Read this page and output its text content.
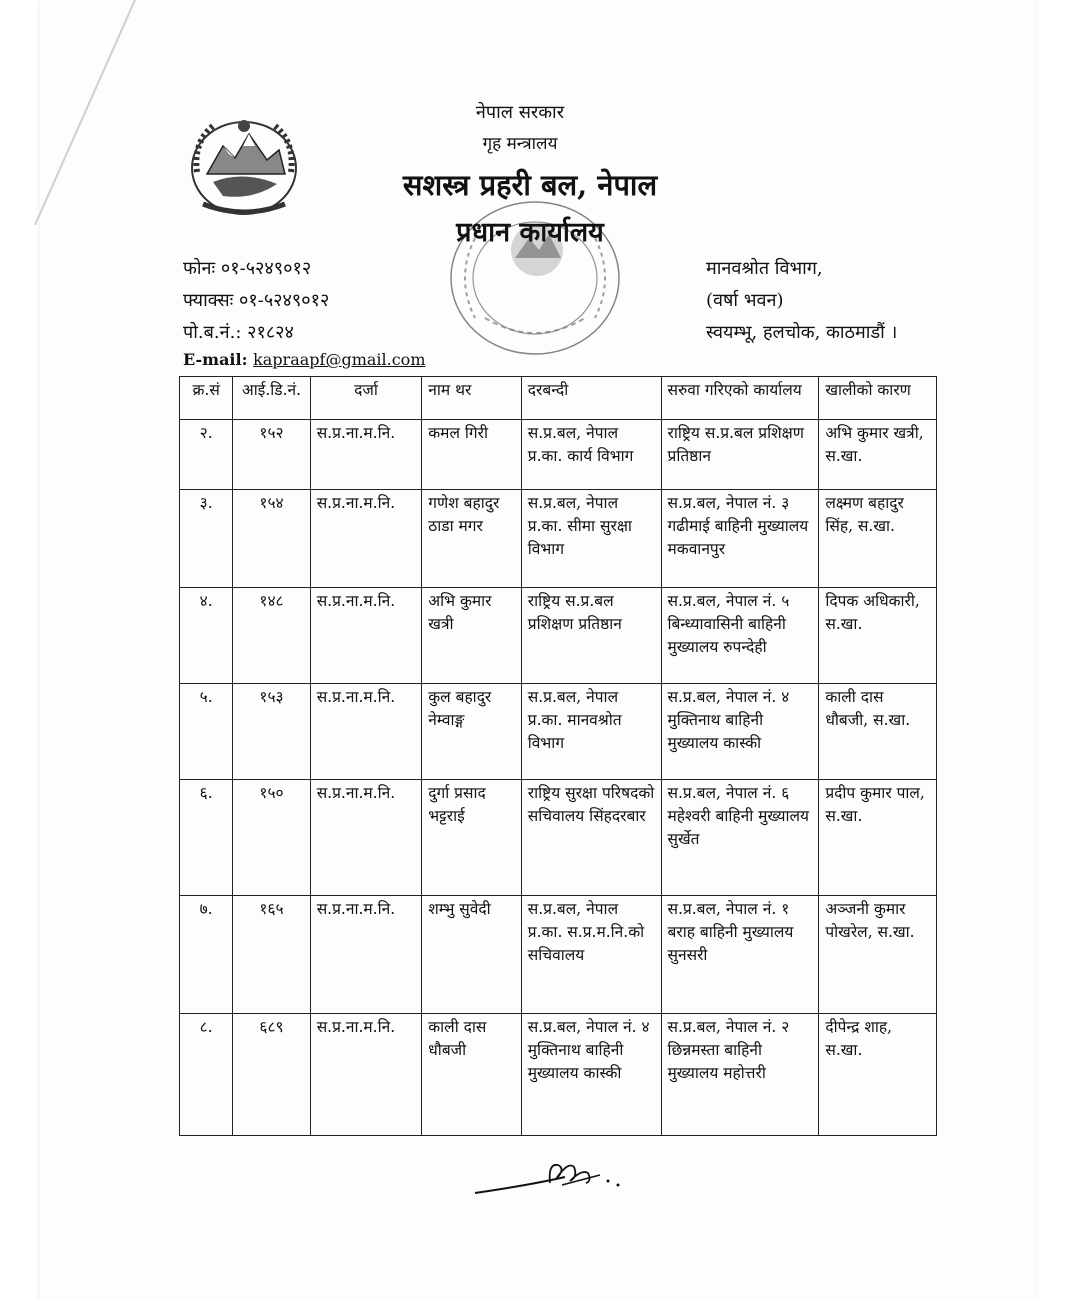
नेपाल सरकार
गृह मन्त्रालय
सशस्त्र प्रहरी बल, नेपाल
प्रधान कार्यालय
फोनः ०१-५२४९०१२
फ्याक्सः ०१-५२४९०१२
पो.ब.नं.: २१८२४
E-mail: kapraapf@gmail.com
मानवश्रोत विभाग,
(वर्षा भवन)
स्वयम्भू, हलचोक, काठमाडौं ।
क्र.सं	आई.डि.नं.	दर्जा	नाम थर	दरबन्दी	सरुवा गरिएको कार्यालय	खालीको कारण
२.	१५२	स.प्र.ना.म.नि.	कमल गिरी	स.प्र.बल, नेपाल प्र.का. कार्य विभाग	राष्ट्रिय स.प्र.बल प्रशिक्षण प्रतिष्ठान	अभि कुमार खत्री, स.खा.
३.	१५४	स.प्र.ना.म.नि.	गणेश बहादुर ठाडा मगर	स.प्र.बल, नेपाल प्र.का. सीमा सुरक्षा विभाग	स.प्र.बल, नेपाल नं. ३ गढीमाई बाहिनी मुख्यालय मकवानपुर	लक्ष्मण बहादुर सिंह, स.खा.
४.	१४८	स.प्र.ना.म.नि.	अभि कुमार खत्री	राष्ट्रिय स.प्र.बल प्रशिक्षण प्रतिष्ठान	स.प्र.बल, नेपाल नं. ५ बिन्ध्यावासिनी बाहिनी मुख्यालय रुपन्देही	दिपक अधिकारी, स.खा.
५.	१५३	स.प्र.ना.म.नि.	कुल बहादुर नेम्वाङ्ग	स.प्र.बल, नेपाल प्र.का. मानवश्रोत विभाग	स.प्र.बल, नेपाल नं. ४ मुक्तिनाथ बाहिनी मुख्यालय कास्की	काली दास धौबजी, स.खा.
६.	१५०	स.प्र.ना.म.नि.	दुर्गा प्रसाद भट्टराई	राष्ट्रिय सुरक्षा परिषदको सचिवालय सिंहदरबार	स.प्र.बल, नेपाल नं. ६ महेश्वरी बाहिनी मुख्यालय सुर्खेत	प्रदीप कुमार पाल, स.खा.
७.	१६५	स.प्र.ना.म.नि.	शम्भु सुवेदी	स.प्र.बल, नेपाल प्र.का. स.प्र.म.नि.को सचिवालय	स.प्र.बल, नेपाल नं. १ बराह बाहिनी मुख्यालय सुनसरी	अञ्जनी कुमार पोखरेल, स.खा.
८.	६८९	स.प्र.ना.म.नि.	काली दास धौबजी	स.प्र.बल, नेपाल नं. ४ मुक्तिनाथ बाहिनी मुख्यालय कास्की	स.प्र.बल, नेपाल नं. २ छिन्नमस्ता बाहिनी मुख्यालय महोत्तरी	दीपेन्द्र शाह, स.खा.
